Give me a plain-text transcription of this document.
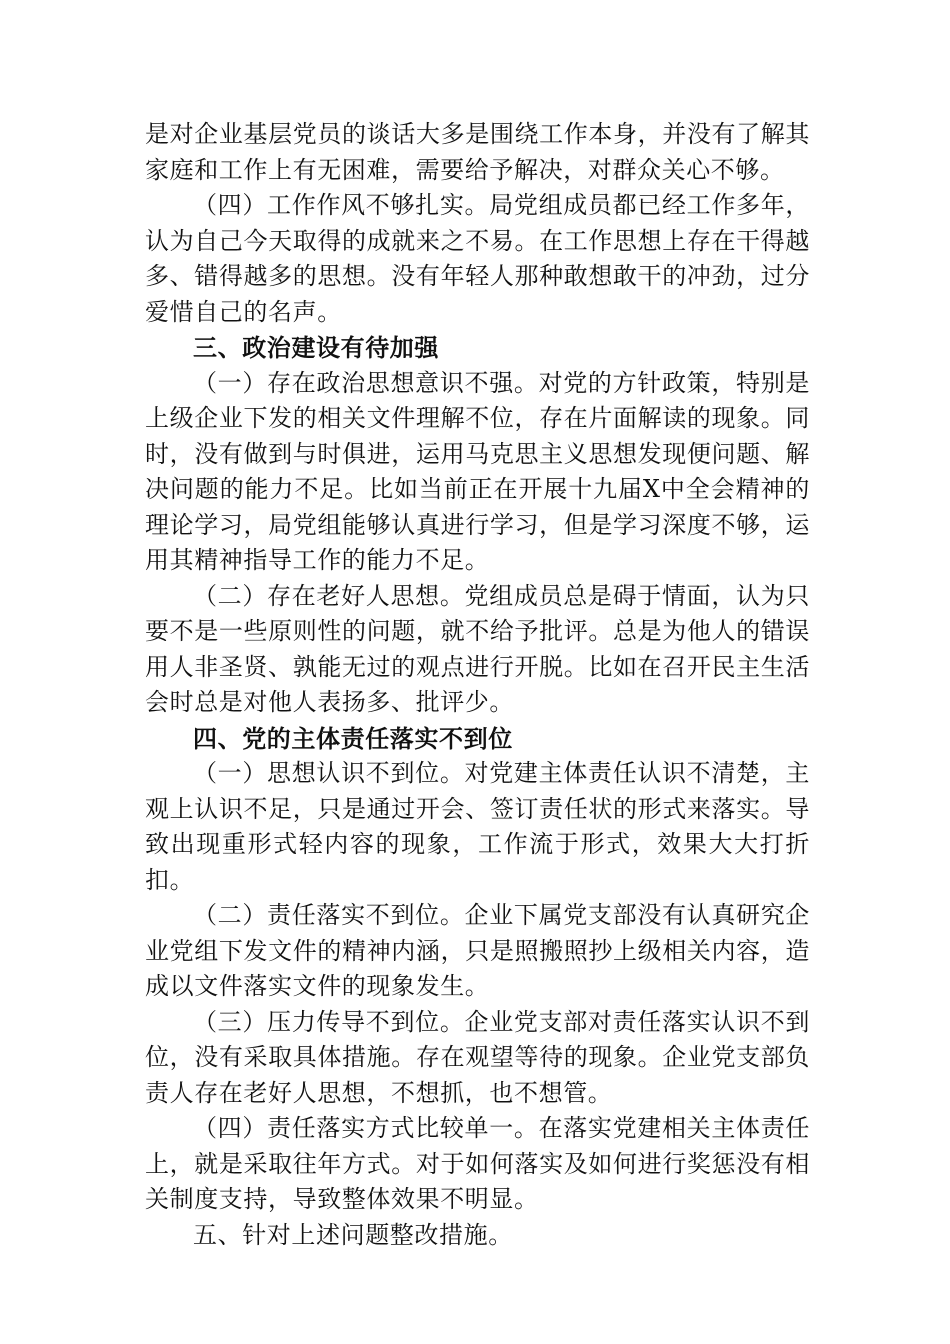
是对企业基层党员的谈话大多是围绕工作本身，并没有了解其家庭和工作上有无困难，需要给予解决，对群众关心不够。

（四）工作作风不够扎实。局党组成员都已经工作多年，认为自己今天取得的成就来之不易。在工作思想上存在干得越多、错得越多的思想。没有年轻人那种敢想敢干的冲劲，过分爱惜自己的名声。

三、政治建设有待加强

（一）存在政治思想意识不强。对党的方针政策，特别是上级企业下发的相关文件理解不位，存在片面解读的现象。同时，没有做到与时俱进，运用马克思主义思想发现便问题、解决问题的能力不足。比如当前正在开展十九届X中全会精神的理论学习，局党组能够认真进行学习，但是学习深度不够，运用其精神指导工作的能力不足。

（二）存在老好人思想。党组成员总是碍于情面，认为只要不是一些原则性的问题，就不给予批评。总是为他人的错误用人非圣贤、孰能无过的观点进行开脱。比如在召开民主生活会时总是对他人表扬多、批评少。

四、党的主体责任落实不到位

（一）思想认识不到位。对党建主体责任认识不清楚，主观上认识不足，只是通过开会、签订责任状的形式来落实。导致出现重形式轻内容的现象，工作流于形式，效果大大打折扣。

（二）责任落实不到位。企业下属党支部没有认真研究企业党组下发文件的精神内涵，只是照搬照抄上级相关内容，造成以文件落实文件的现象发生。

（三）压力传导不到位。企业党支部对责任落实认识不到位，没有采取具体措施。存在观望等待的现象。企业党支部负责人存在老好人思想，不想抓，也不想管。

（四）责任落实方式比较单一。在落实党建相关主体责任上，就是采取往年方式。对于如何落实及如何进行奖惩没有相关制度支持，导致整体效果不明显。

五、针对上述问题整改措施。
